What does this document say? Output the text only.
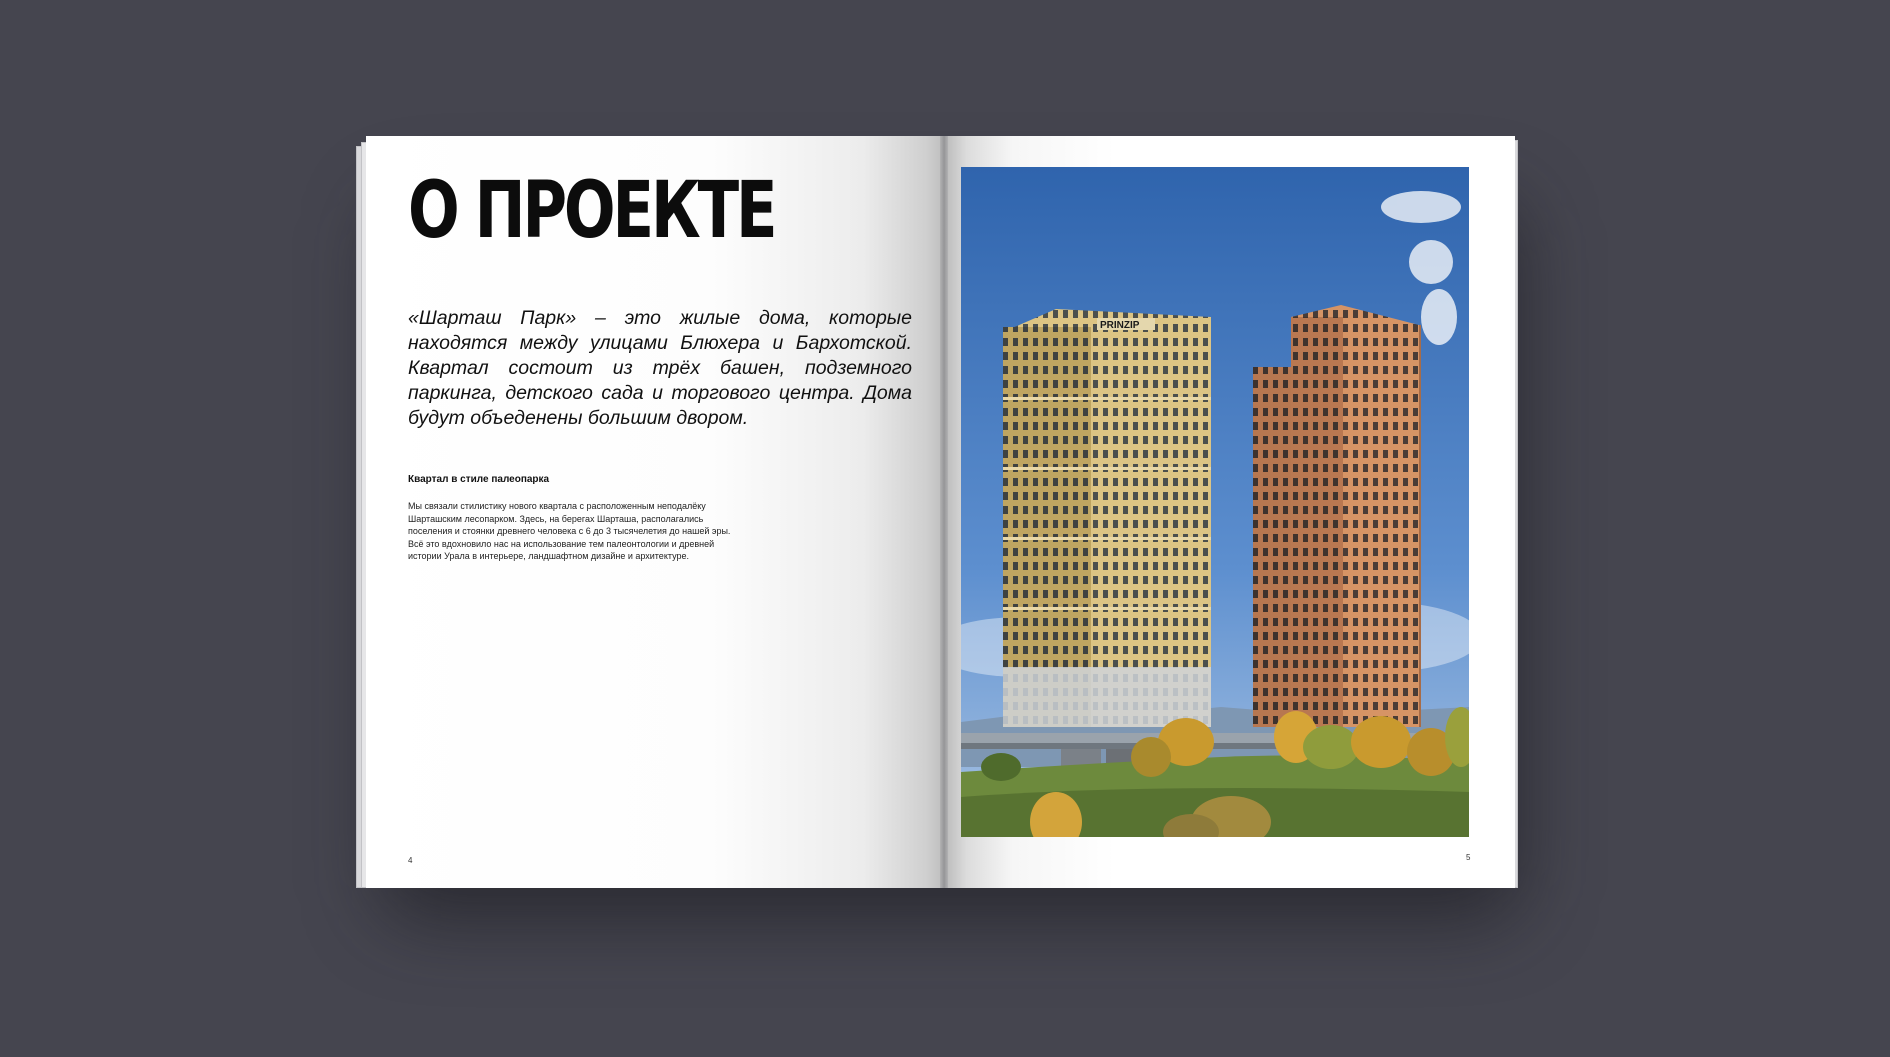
О ПРОЕКТЕ

«Шарташ Парк» – это жилые дома, которые находятся между улицами Блюхера и Бархотской. Квартал состоит из трёх башен, подземного паркинга, детского сада и торгового центра. Дома будут объеденены большим двором.

Квартал в стиле палеопарка

Мы связали стилистику нового квартала с расположенным неподалёку Шарташским лесопарком. Здесь, на берегах Шарташа, располагались поселения и стоянки древнего человека с 6 до 3 тысячелетия до нашей эры. Всё это вдохновило нас на использование тем палеонтологии и древней истории Урала в интерьере, ландшафтном дизайне и архитектуре.

4
PRINZIP
5
